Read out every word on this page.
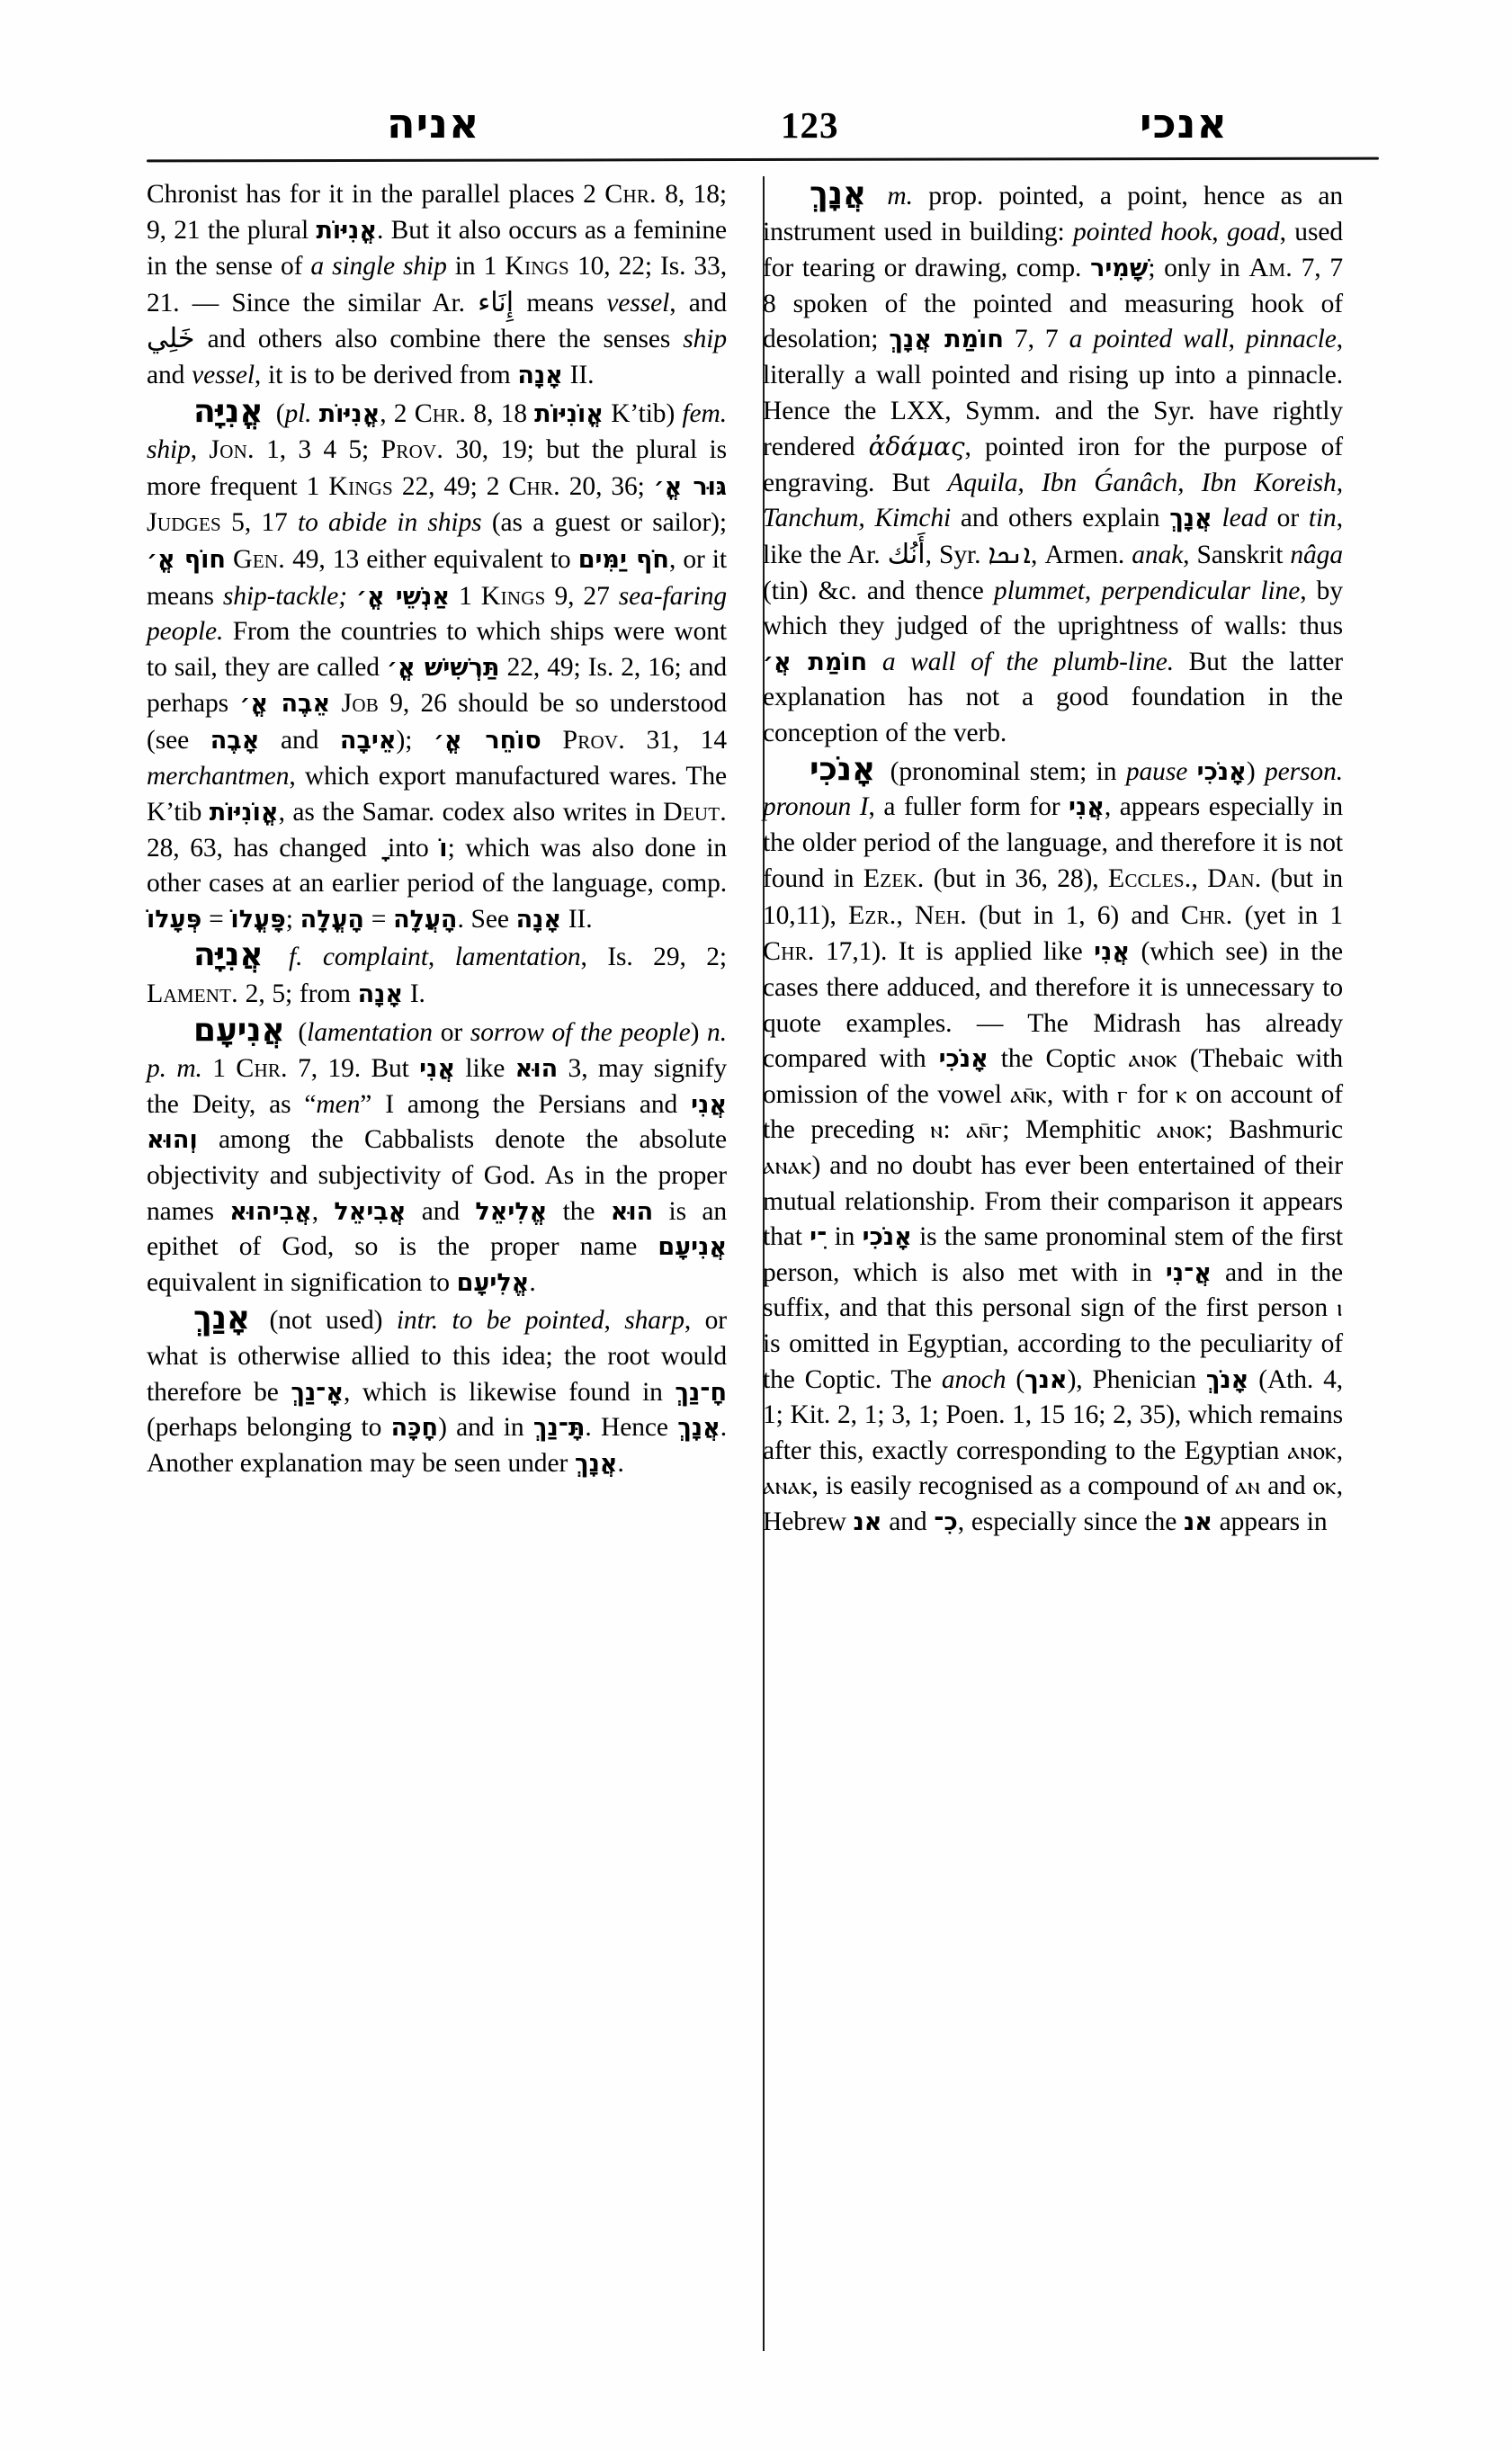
אניה	123	אנכי

Chronist has for it in the parallel places 2 Chr. 8, 18; 9, 21 the plural אֳנִיּוֹת. But it also occurs as a feminine in the sense of a single ship in 1 Kings 10, 22; Is. 33, 21. — Since the similar Ar. إِنَاء means vessel, and خَلِي and others also combine there the senses ship and vessel, it is to be derived from אָנָה II.

אֳנִיָּה (pl. אֳנִיּוֹת, 2 Chr. 8, 18 אֳוֹנִיּוֹת K’tib) fem. ship, Jon. 1, 3 4 5; Prov. 30, 19; but the plural is more frequent 1 Kings 22, 49; 2 Chr. 20, 36; גּוּר אֳ׳ Judges 5, 17 to abide in ships (as a guest or sailor); חוֹף אֳ׳ Gen. 49, 13 either equivalent to חֹף יַמִּים, or it means ship-tackle; אַנְשֵׁי אֳ׳ 1 Kings 9, 27 sea-faring people. From the countries to which ships were wont to sail, they are called תַּרְשִׁישׁ אֳ׳ 22, 49; Is. 2, 16; and perhaps אֵבֶה אֳ׳ Job 9, 26 should be so understood (see אָבֶה and אֵיבָה); סוֹחֵר אֳ׳ Prov. 31, 14 merchantmen, which export manufactured wares. The K’tib אֳוֹנִיּוֹת, as the Samar. codex also writes in Deut. 28, 63, has changed into וֹ; which was also done in other cases at an earlier period of the language, comp. פְּעָלוֹ = פָּעֳלוֹ; הָעֳלָה = הָעֲלָה. See אָנָה II.

אֲנִיָּה f. complaint, lamentation, Is. 29, 2; Lament. 2, 5; from אָנָה I.

אֲנִיעָם (lamentation or sorrow of the people) n. p. m. 1 Chr. 7, 19. But אֲנִי like הוּא 3, may signify the Deity, as “men” I among the Persians and אֲנִי וְהוּא among the Cabbalists denote the absolute objectivity and subjectivity of God. As in the proper names אֲבִיהוּא, אֲבִיאֵל and אֱלִיאֵל the הוּא is an epithet of God, so is the proper name אֲנִיעָם equivalent in signification to אֱלִיעָם.

אָנַךְ (not used) intr. to be pointed, sharp, or what is otherwise allied to this idea; the root would therefore be אָ־נַךְ, which is likewise found in חָ־נַךְ (perhaps belonging to חָכָּה) and in תָּ־נַךְ. Hence אֲנָךְ. Another explanation may be seen under אֲנָךְ.

אֲנָךְ m. prop. pointed, a point, hence as an instrument used in building: pointed hook, goad, used for tearing or drawing, comp. שָׁמִיר; only in Am. 7, 7 8 spoken of the pointed and measuring hook of desolation; חוֹמַת אֲנָךְ 7, 7 a pointed wall, pinnacle, literally a wall pointed and rising up into a pinnacle. Hence the LXX, Symm. and the Syr. have rightly rendered ἀδάμας, pointed iron for the purpose of engraving. But Aquila, Ibn Ǵanâch, Ibn Koreish, Tanchum, Kimchi and others explain אֲנָךְ lead or tin, like the Ar. أَنُك, Syr. ܐܢܟܐ, Armen. anak, Sanskrit nâga (tin) &c. and thence plummet, perpendicular line, by which they judged of the uprightness of walls: thus חוֹמַת אֲ׳ a wall of the plumb-line. But the latter explanation has not a good foundation in the conception of the verb.

אָנֹכִי (pronominal stem; in pause אָנֹכִי) person. pronoun I, a fuller form for אֲנִי, appears especially in the older period of the language, and therefore it is not found in Ezek. (but in 36, 28), Eccles., Dan. (but in 10,11), Ezr., Neh. (but in 1, 6) and Chr. (yet in 1 Chr. 17,1). It is applied like אֲנִי (which see) in the cases there adduced, and therefore it is unnecessary to quote examples. — The Midrash has already compared with אָנֹכִי the Coptic ⲁⲛⲟⲕ (Thebaic with omission of the vowel ⲁⲛ̄ⲕ, with ⲅ for ⲕ on account of the preceding ⲛ: ⲁⲛ̄ⲅ; Memphitic ⲁⲛⲟⲕ; Bashmuric ⲁⲛⲁⲕ) and no doubt has ever been entertained of their mutual relationship. From their comparison it appears that ־ִי in אָנֹכִי is the same pronominal stem of the first person, which is also met with in אֲ־נִי and in the suffix, and that this personal sign of the first person ⲓ is omitted in Egyptian, according to the peculiarity of the Coptic. The anoch (אנך), Phenician אָנֹךְ (Ath. 4, 1; Kit. 2, 1; 3, 1; Poen. 1, 15 16; 2, 35), which remains after this, exactly corresponding to the Egyptian ⲁⲛⲟⲕ, ⲁⲛⲁⲕ, is easily recognised as a compound of ⲁⲛ and ⲟⲕ, Hebrew אנ and כִ־, especially since the אנ appears in
